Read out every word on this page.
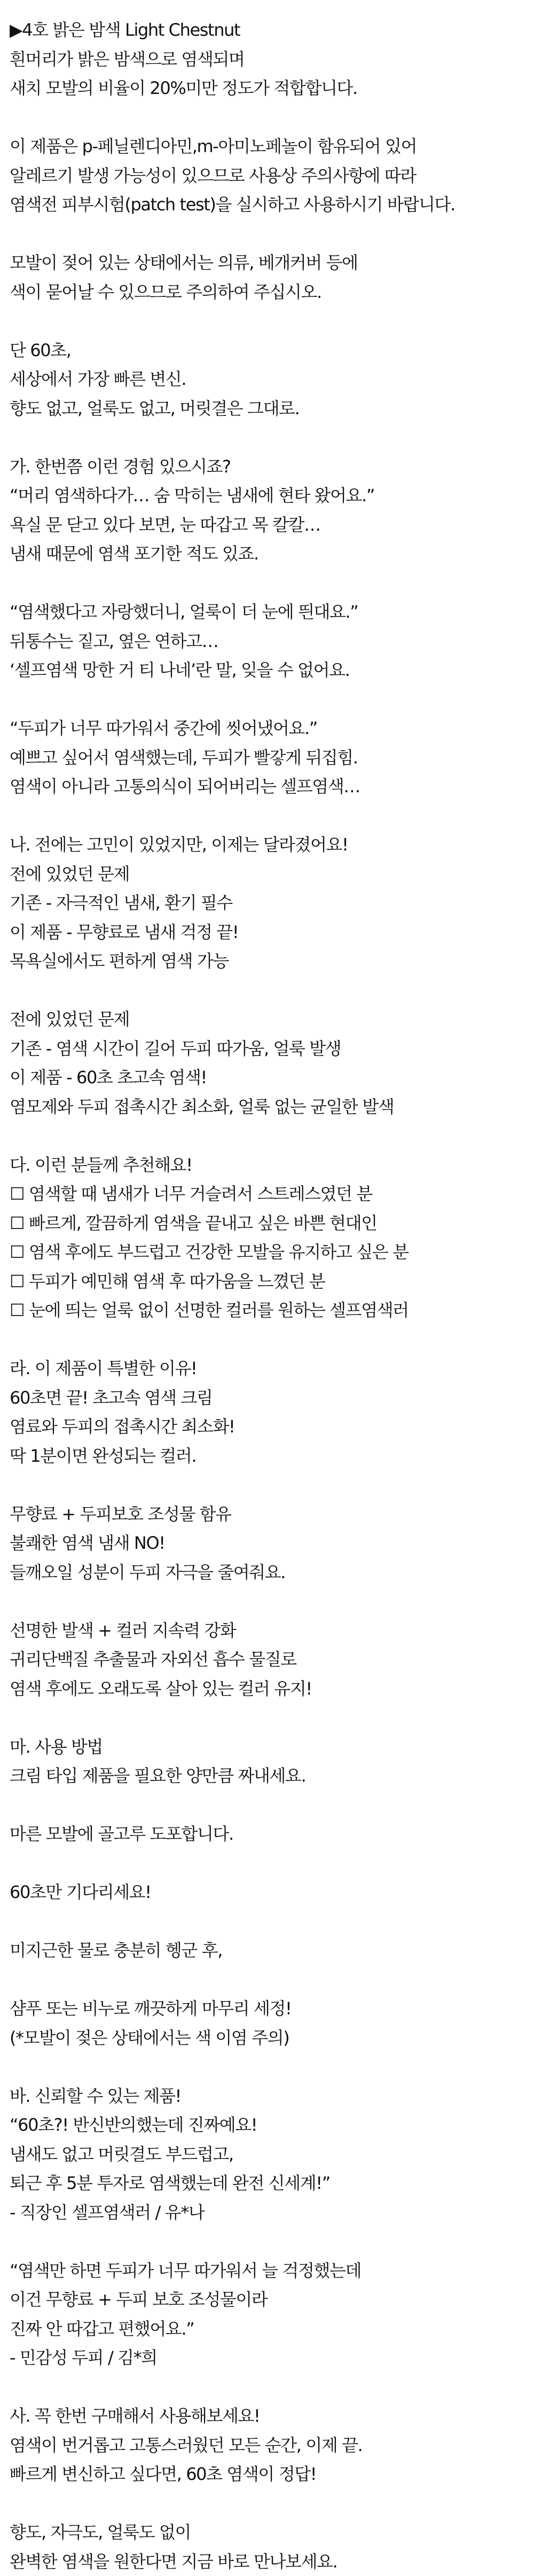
▶4호 밝은 밤색 Light Chestnut
흰머리가 밝은 밤색으로 염색되며
새치 모발의 비율이 20%미만 정도가 적합합니다.
이 제품은 p-페닐렌디아민,m-아미노페놀이 함유되어 있어
알레르기 발생 가능성이 있으므로 사용상 주의사항에 따라
염색전 피부시험(patch test)을 실시하고 사용하시기 바랍니다.
모발이 젖어 있는 상태에서는 의류, 베개커버 등에
색이 묻어날 수 있으므로 주의하여 주십시오.
단 60초,
세상에서 가장 빠른 변신.
향도 없고, 얼룩도 없고, 머릿결은 그대로.
가. 한번쯤 이런 경험 있으시죠?
“머리 염색하다가… 숨 막히는 냄새에 현타 왔어요.”
욕실 문 닫고 있다 보면, 눈 따갑고 목 칼칼…
냄새 때문에 염색 포기한 적도 있죠.
“염색했다고 자랑했더니, 얼룩이 더 눈에 띈대요.”
뒤통수는 짙고, 옆은 연하고…
‘셀프염색 망한 거 티 나네’란 말, 잊을 수 없어요.
“두피가 너무 따가워서 중간에 씻어냈어요.”
예쁘고 싶어서 염색했는데, 두피가 빨갛게 뒤집힘.
염색이 아니라 고통의식이 되어버리는 셀프염색…
나. 전에는 고민이 있었지만, 이제는 달라졌어요!
전에 있었던 문제
기존 - 자극적인 냄새, 환기 필수
이 제품 - 무향료로 냄새 걱정 끝!
목욕실에서도 편하게 염색 가능
전에 있었던 문제
기존 - 염색 시간이 길어 두피 따가움, 얼룩 발생
이 제품 - 60초 초고속 염색!
염모제와 두피 접촉시간 최소화, 얼룩 없는 균일한 발색
다. 이런 분들께 추천해요!
☐ 염색할 때 냄새가 너무 거슬려서 스트레스였던 분
☐ 빠르게, 깔끔하게 염색을 끝내고 싶은 바쁜 현대인
☐ 염색 후에도 부드럽고 건강한 모발을 유지하고 싶은 분
☐ 두피가 예민해 염색 후 따가움을 느꼈던 분
☐ 눈에 띄는 얼룩 없이 선명한 컬러를 원하는 셀프염색러
라. 이 제품이 특별한 이유!
60초면 끝! 초고속 염색 크림
염료와 두피의 접촉시간 최소화!
딱 1분이면 완성되는 컬러.
무향료 + 두피보호 조성물 함유
불쾌한 염색 냄새 NO!
들깨오일 성분이 두피 자극을 줄여줘요.
선명한 발색 + 컬러 지속력 강화
귀리단백질 추출물과 자외선 흡수 물질로
염색 후에도 오래도록 살아 있는 컬러 유지!
마. 사용 방법
크림 타입 제품을 필요한 양만큼 짜내세요.
마른 모발에 골고루 도포합니다.
60초만 기다리세요!
미지근한 물로 충분히 헹군 후,
샴푸 또는 비누로 깨끗하게 마무리 세정!
(*모발이 젖은 상태에서는 색 이염 주의)
바. 신뢰할 수 있는 제품!
“60초?! 반신반의했는데 진짜예요!
냄새도 없고 머릿결도 부드럽고,
퇴근 후 5분 투자로 염색했는데 완전 신세계!”
- 직장인 셀프염색러 / 유*나
“염색만 하면 두피가 너무 따가워서 늘 걱정했는데
이건 무향료 + 두피 보호 조성물이라
진짜 안 따갑고 편했어요.”
- 민감성 두피 / 김*희
사. 꼭 한번 구매해서 사용해보세요!
염색이 번거롭고 고통스러웠던 모든 순간, 이제 끝.
빠르게 변신하고 싶다면, 60초 염색이 정답!
향도, 자극도, 얼룩도 없이
완벽한 염색을 원한다면 지금 바로 만나보세요.
